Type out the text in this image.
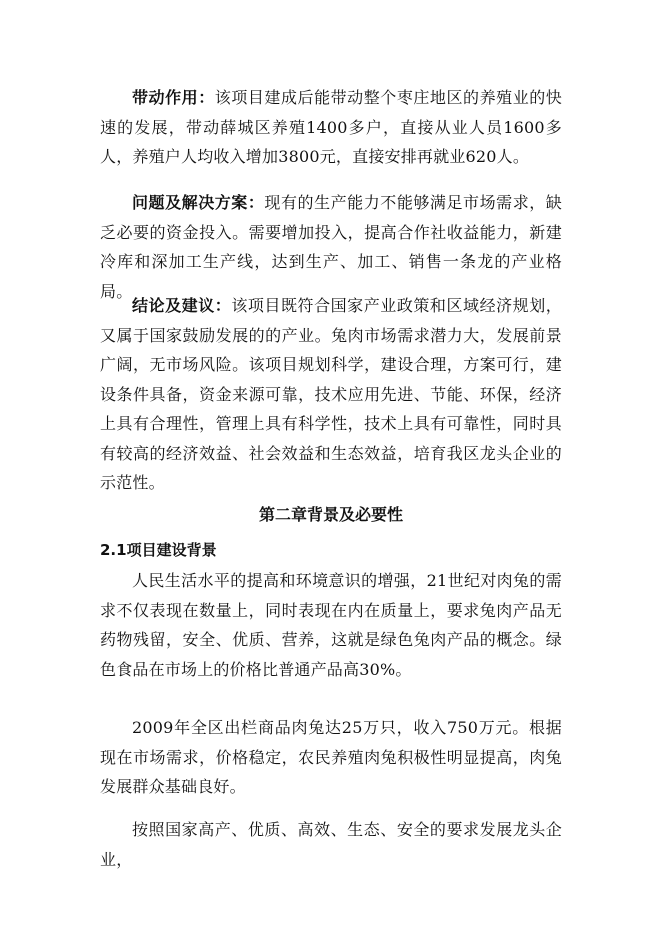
带动作用：该项目建成后能带动整个枣庄地区的养殖业的快速的发展，带动薛城区养殖1400多户，直接从业人员1600多人，养殖户人均收入增加3800元，直接安排再就业620人。

问题及解决方案：现有的生产能力不能够满足市场需求，缺乏必要的资金投入。需要增加投入，提高合作社收益能力，新建冷库和深加工生产线，达到生产、加工、销售一条龙的产业格局。

结论及建议：该项目既符合国家产业政策和区域经济规划，又属于国家鼓励发展的的产业。兔肉市场需求潜力大，发展前景广阔，无市场风险。该项目规划科学，建设合理，方案可行，建设条件具备，资金来源可靠，技术应用先进、节能、环保，经济上具有合理性，管理上具有科学性，技术上具有可靠性，同时具有较高的经济效益、社会效益和生态效益，培育我区龙头企业的示范性。

第二章背景及必要性
2.1项目建设背景

人民生活水平的提高和环境意识的增强，21世纪对肉兔的需求不仅表现在数量上，同时表现在内在质量上，要求兔肉产品无药物残留，安全、优质、营养，这就是绿色兔肉产品的概念。绿色食品在市场上的价格比普通产品高30%。

2009年全区出栏商品肉兔达25万只，收入750万元。根据现在市场需求，价格稳定，农民养殖肉兔积极性明显提高，肉兔发展群众基础良好。

按照国家高产、优质、高效、生态、安全的要求发展龙头企业，
